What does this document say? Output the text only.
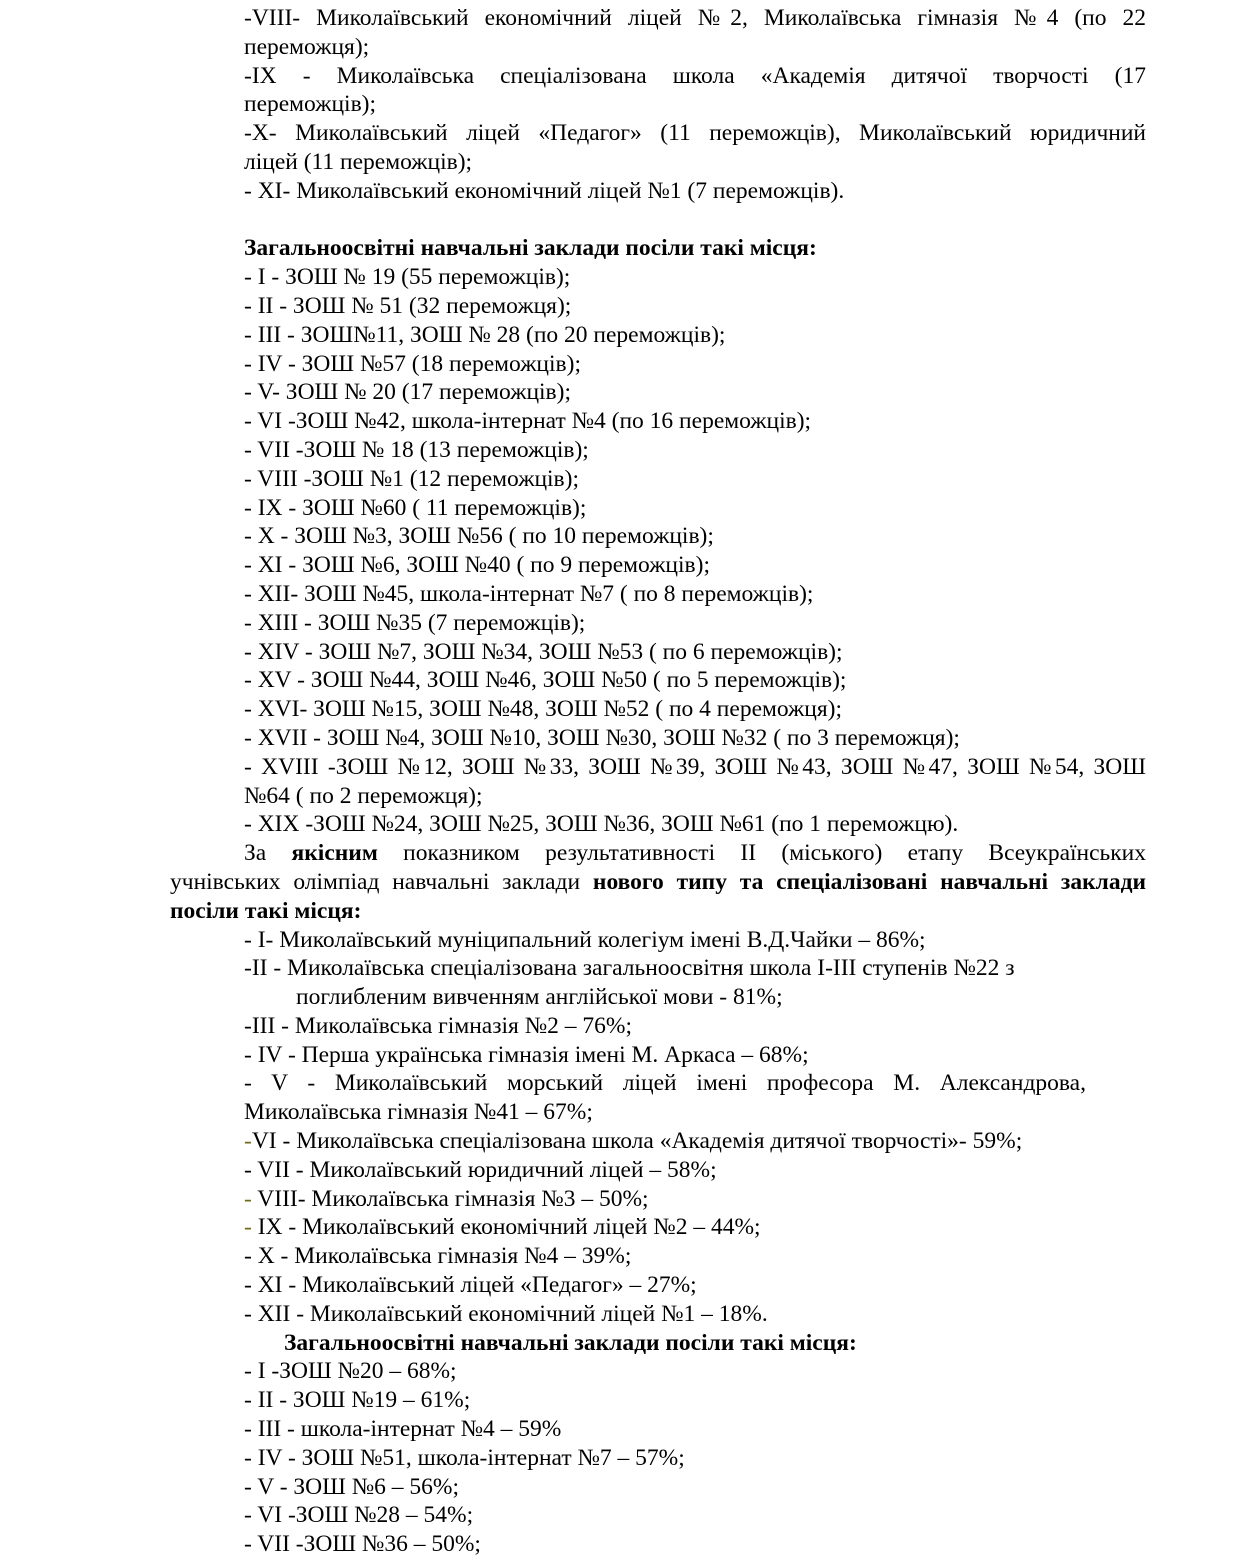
-VIII- Миколаївський економічний ліцей №2, Миколаївська гімназія №4 (по 22
переможця);
-IX - Миколаївська спеціалізована школа «Академія дитячої творчості (17
переможців);
-X- Миколаївський ліцей «Педагог» (11 переможців), Миколаївський юридичний
ліцей (11 переможців);
- XI- Миколаївський економічний ліцей №1 (7 переможців).
Загальноосвітні навчальні заклади посіли такі місця:
- I - ЗОШ № 19 (55 переможців);
- II - ЗОШ № 51 (32 переможця);
- III - ЗОШ№11, ЗОШ № 28 (по 20 переможців);
- IV - ЗОШ №57 (18 переможців);
- V- ЗОШ № 20 (17 переможців);
- VI -ЗОШ №42, школа-інтернат №4 (по 16 переможців);
- VII -ЗОШ № 18 (13 переможців);
- VIII -ЗОШ №1 (12 переможців);
- IX - ЗОШ №60 ( 11 переможців);
- X - ЗОШ №3, ЗОШ №56 ( по 10 переможців);
- XI - ЗОШ №6, ЗОШ №40 ( по 9 переможців);
- XII- ЗОШ №45, школа-інтернат №7 ( по 8 переможців);
- XIII - ЗОШ №35 (7 переможців);
- XIV - ЗОШ №7, ЗОШ №34, ЗОШ №53 ( по 6 переможців);
- XV - ЗОШ №44, ЗОШ №46, ЗОШ №50 ( по 5 переможців);
- XVI- ЗОШ №15, ЗОШ №48, ЗОШ №52 ( по 4 переможця);
- XVII - ЗОШ №4, ЗОШ №10, ЗОШ №30, ЗОШ №32 ( по 3 переможця);
- XVIII -ЗОШ №12, ЗОШ №33, ЗОШ №39, ЗОШ №43, ЗОШ №47, ЗОШ №54, ЗОШ
№64 ( по 2 переможця);
- XIX -ЗОШ №24, ЗОШ №25, ЗОШ №36, ЗОШ №61 (по 1 переможцю).
За якісним показником результативності II (міського) етапу Всеукраїнських
учнівських олімпіад навчальні заклади нового типу та спеціалізовані навчальні заклади
посіли такі місця:
- I- Миколаївський муніципальний колегіум імені В.Д.Чайки – 86%;
-II - Миколаївська спеціалізована загальноосвітня школа І-ІІІ ступенів №22 з
поглибленим вивченням англійської мови - 81%;
-III - Миколаївська гімназія №2 – 76%;
- IV - Перша українська гімназія імені М. Аркаса – 68%;
- V - Миколаївський морський ліцей імені професора М. Александрова,
Миколаївська гімназія №41 – 67%;
-VI - Миколаївська спеціалізована школа «Академія дитячої творчості»- 59%;
- VII - Миколаївський юридичний ліцей – 58%;
- VIII- Миколаївська гімназія №3 – 50%;
- IX - Миколаївський економічний ліцей №2 – 44%;
- X - Миколаївська гімназія №4 – 39%;
- XI - Миколаївський ліцей «Педагог» – 27%;
- XII - Миколаївський економічний ліцей №1 – 18%.
Загальноосвітні навчальні заклади посіли такі місця:
- I -ЗОШ №20 – 68%;
- II - ЗОШ №19 – 61%;
- III - школа-інтернат №4 – 59%
- IV - ЗОШ №51, школа-інтернат №7 – 57%;
- V - ЗОШ №6 – 56%;
- VI -ЗОШ №28 – 54%;
- VII -ЗОШ №36 – 50%;
